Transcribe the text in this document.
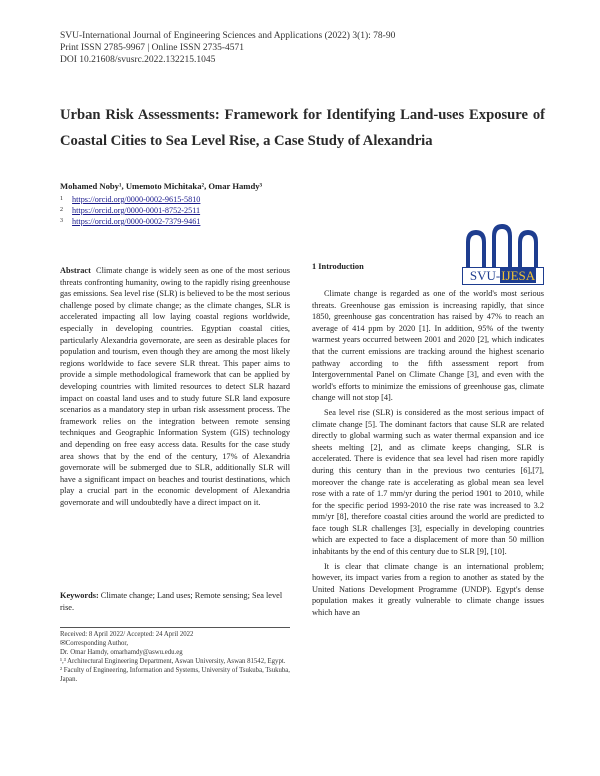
SVU-International Journal of Engineering Sciences and Applications (2022) 3(1): 78-90
Print ISSN 2785-9967 | Online ISSN 2735-4571
DOI 10.21608/svusrc.2022.132215.1045
Urban Risk Assessments: Framework for Identifying Land-uses Exposure of Coastal Cities to Sea Level Rise, a Case Study of Alexandria
Mohamed Noby¹, Umemoto Michitaka², Omar Hamdy³
1 https://orcid.org/0000-0002-9615-5810
2 https://orcid.org/0000-0001-8752-2511
3 https://orcid.org/0000-0002-7379-9461
SVU-IJESA

Abstract Climate change is widely seen as one of the most serious threats confronting humanity, owing to the rapidly rising greenhouse gas emissions. Sea level rise (SLR) is believed to be the most serious challenge posed by climate change; as the climate changes, SLR is accelerated impacting all low laying coastal regions worldwide, especially in developing countries. Egyptian coastal cities, particularly Alexandria governorate, are seen as desirable places for population and tourism, even though they are among the most likely regions worldwide to face severe SLR threat. This paper aims to provide a simple methodological framework that can be applied by developing countries with limited resources to detect SLR hazard impact on coastal land uses and to study future SLR land exposure scenarios as a mandatory step in urban risk assessment process. The framework relies on the integration between remote sensing techniques and Geographic Information System (GIS) technology and depending on free easy access data. Results for the case study area shows that by the end of the century, 17% of Alexandria governorate will be submerged due to SLR, additionally SLR will have a significant impact on beaches and tourist destinations, which play a crucial part in the economic development of Alexandria governorate and will undoubtedly have a direct impact on it.

Keywords: Climate change; Land uses; Remote sensing; Sea level rise.
Received: 8 April 2022/ Accepted: 24 April 2022
✉Corresponding Author,
Dr. Omar Hamdy, omarhamdy@aswu.edu.eg
¹,³ Architectural Engineering Department, Aswan University, Aswan 81542, Egypt.
² Faculty of Engineering, Information and Systems, University of Tsukuba, Tsukuba, Japan.
1 Introduction

Climate change is regarded as one of the world's most serious threats. Greenhouse gas emission is increasing rapidly, that since 1850, greenhouse gas concentration has raised by 47% to reach an average of 414 ppm by 2020 [1]. In addition, 95% of the twenty warmest years occurred between 2001 and 2020 [2], which indicates that the current emissions are tracking around the highest scenario pathway according to the fifth assessment report from Intergovernmental Panel on Climate Change [3], and even with the world's efforts to minimize the emissions of greenhouse gas, climate change will not stop [4].

Sea level rise (SLR) is considered as the most serious impact of climate change [5]. The dominant factors that cause SLR are related directly to global warming such as water thermal expansion and ice sheets melting [2], and as climate keeps changing, SLR is accelerated. There is evidence that sea level had risen more rapidly during this century than in the previous two centuries [6],[7], moreover the change rate is accelerating as global mean sea level rose with a rate of 1.7 mm/yr during the period 1901 to 2010, while for the specific period 1993-2010 the rise rate was increased to 3.2 mm/yr [8], therefore coastal cities around the world are predicted to face tough SLR challenges [3], especially in developing countries which are expected to face a displacement of more than 50 million inhabitants by the end of this century due to SLR [9], [10].

It is clear that climate change is an international problem; however, its impact varies from a region to another as stated by the United Nations Development Programme (UNDP). Egypt's dense population makes it greatly vulnerable to climate change issues which have an
